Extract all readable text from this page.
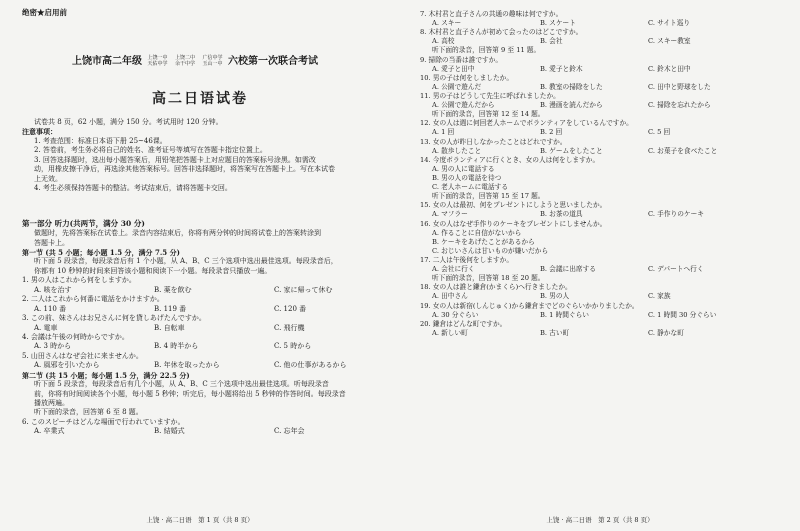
绝密★启用前
上饶市高二年级 上饶一中
天佑中学 上饶二中
余干中学 广信中学
玉山一中 六校第一次联合考试
高二日语试卷

试卷共 8 页，62 小题，满分 150 分。考试用时 120 分钟。

注意事项：

1. 考查范围：标准日本语下册 25~46课。

2. 答卷前，考生务必将自己的姓名、准考证号等填写在答题卡指定位置上。

3. 回答选择题时，选出每小题答案后，用铅笔把答题卡上对应题目的答案标号涂黑。如需改

动，用橡皮擦干净后，再选涂其他答案标号。回答非选择题时，将答案写在答题卡上。写在本试卷

上无效。

4. 考生必须保持答题卡的整洁。考试结束后，请将答题卡交回。

第一部分 听力(共两节，满分 30 分)

做题时，先将答案标在试卷上。录音内容结束后，你将有两分钟的时间将试卷上的答案转涂到

答题卡上。

第一节 (共 5 小题；每小题 1.5 分，满分 7.5 分)

听下面 5 段录音，每段录音后有 1 个小题，从 A、B、C 三个选项中选出最佳选项。每段录音后，

你都有 10 秒钟的时间来回答该小题和阅读下一小题。每段录音只播放一遍。

1. 男の人はこれから何をしますか。

A. 咳を治す	B. 薬を飲む	C. 家に帰って休む

2. 二人はこれから何番に電話をかけますか。

A. 110 番	B. 119 番	C. 120 番

3. この前、妹さんはお兄さんに何を貸しあげたんですか。

A. 電車	B. 自転車	C. 飛行機

4. 会議は午後の何時からですか。

A. 3 時から	B. 4 時半から	C. 5 時から

5. 山田さんはなぜ会社に来ませんか。

A. 風邪を引いたから	B. 年休を取ったから	C. 他の仕事があるから

第二节 (共 15 小题；每小题 1.5 分，满分 22.5 分)

听下面 5 段录音，每段录音后有几个小题，从 A、B、C 三个选项中选出最佳选项。听每段录音

前，你将有时间阅读各个小题，每小题 5 秒钟；听完后，每小题将给出 5 秒钟的作答时间。每段录音

播放两遍。

听下面的录音，回答第 6 至 8 题。

6. このスピーチはどんな場面で行われていますか。

A. 卒業式	B. 結婚式	C. 忘年会
上饶 · 高二日语　第 1 页（共 8 页）

7. 木村君と直子さんの共通の趣味は何ですか。

A. スキー	B. スケート	C. サイト巡り

8. 木村君と直子さんが初めて会ったのはどこですか。

A. 高校	B. 会社	C. スキー教室

听下面的录音，回答第 9 至 11 题。

9. 掃除の当番は誰ですか。

A. 愛子と田中	B. 愛子と鈴木	C. 鈴木と田中

10. 男の子は何をしましたか。

A. 公園で遊んだ	B. 教室の掃除をした	C. 田中と野球をした

11. 男の子はどうして先生に呼ばれましたか。

A. 公園で遊んだから	B. 漫画を読んだから	C. 掃除を忘れたから

听下面的录音，回答第 12 至 14 题。

12. 女の人は週に何回老人ホームでボランティアをしているんですか。

A. 1 回	B. 2 回	C. 5 回

13. 女の人が昨日しなかったことはどれですか。

A. 散歩したこと	B. ゲームをしたこと	C. お菓子を食べたこと

14. 今度ボランティアに行くとき、女の人は何をしますか。

A. 男の人に電話する

B. 男の人の電話を待つ

C. 老人ホームに電話する

听下面的录音，回答第 15 至 17 题。

15. 女の人は最初、何をプレゼントにしようと思いましたか。

A. マフラー	B. お茶の道具	C. 手作りのケーキ

16. 女の人はなぜ手作りのケーキをプレゼントにしませんか。

A. 作ることに自信がないから

B. ケーキをあげたことがあるから

C. おじいさんは甘いものが嫌いだから

17. 二人は午後何をしますか。

A. 会社に行く	B. 会議に出席する	C. デパートへ行く

听下面的录音，回答第 18 至 20 题。

18. 女の人は誰と鎌倉(かまくら)へ行きましたか。

A. 田中さん	B. 男の人	C. 家族

19. 女の人は新宿(しんじゅく)から鎌倉までどのぐらいかかりましたか。

A. 30 分ぐらい	B. 1 時間ぐらい	C. 1 時間 30 分ぐらい

20. 鎌倉はどんな町ですか。

A. 新しい町	B. 古い町	C. 静かな町
上饶 · 高二日语　第 2 页（共 8 页）
